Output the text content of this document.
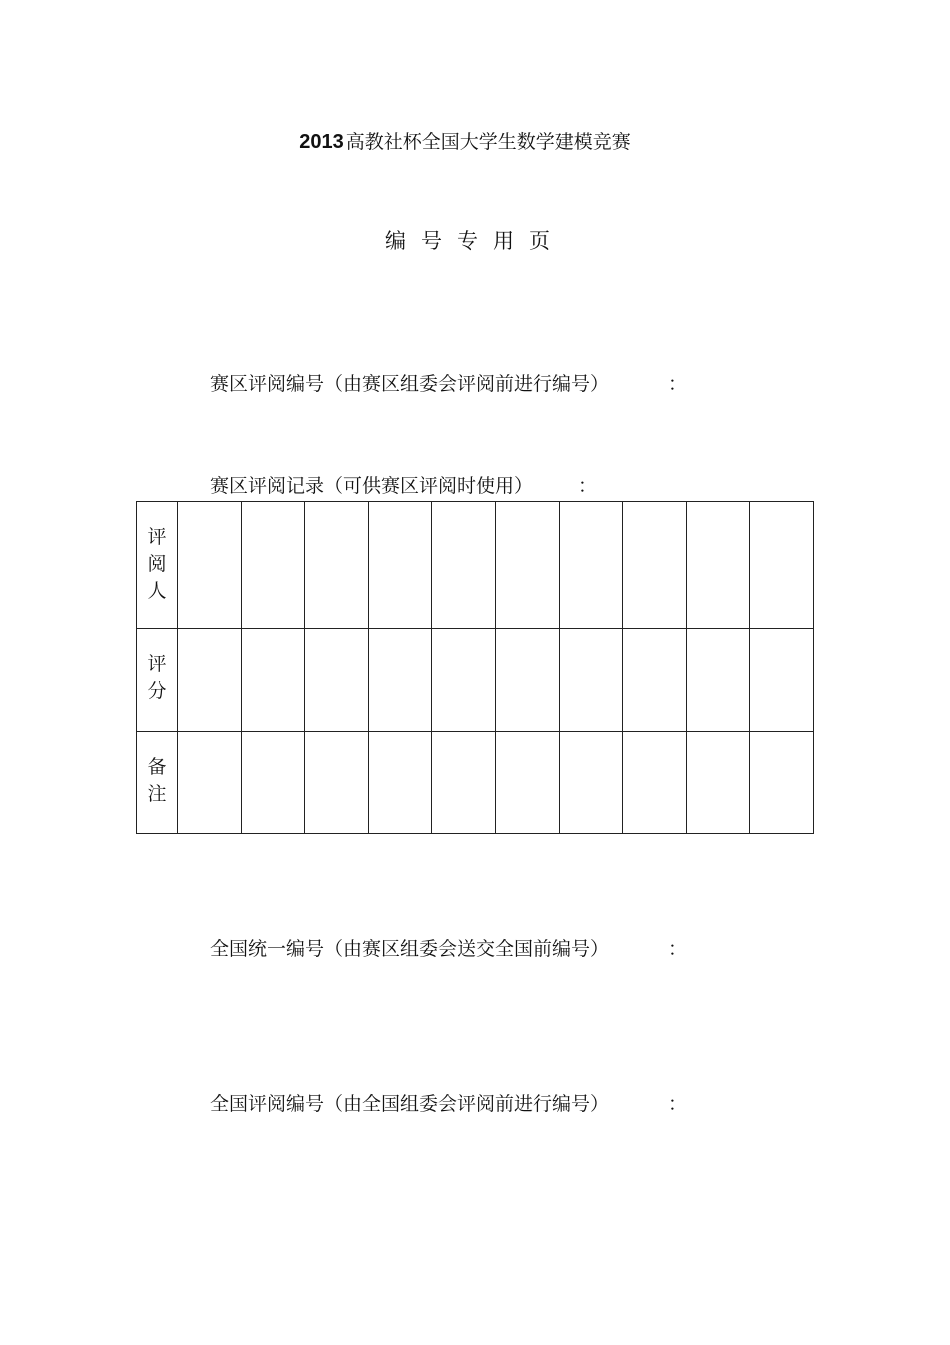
2013 高教社杯全国大学生数学建模竞赛
编号专用页
赛区评阅编号（由赛区组委会评阅前进行编号）	：
赛区评阅记录（可供赛区评阅时使用） ：
评阅人										

评分										

备注										

全国统一编号（由赛区组委会送交全国前编号）	：
全国评阅编号（由全国组委会评阅前进行编号）	：
